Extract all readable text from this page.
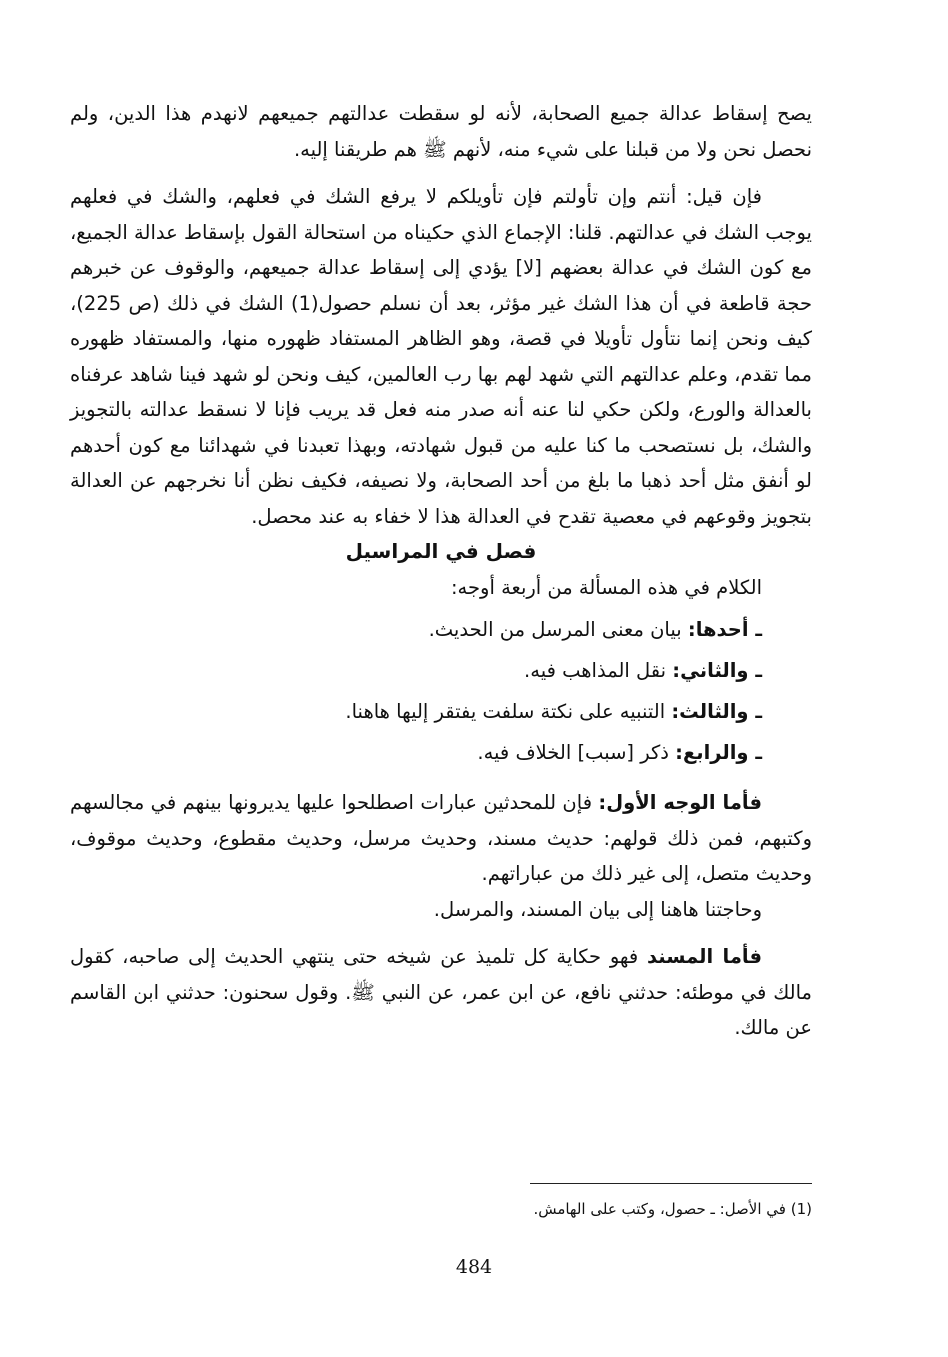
يصح إسقاط عدالة جميع الصحابة، لأنه لو سقطت عدالتهم جميعهم لانهدم هذا الدين، ولم نحصل نحن ولا من قبلنا على شيء منه، لأنهم ﷺ هم طريقنا إليه.

فإن قيل: أنتم وإن تأولتم فإن تأويلكم لا يرفع الشك في فعلهم، والشك في فعلهم يوجب الشك في عدالتهم. قلنا: الإجماع الذي حكيناه من استحالة القول بإسقاط عدالة الجميع، مع كون الشك في عدالة بعضهم [لا] يؤدي إلى إسقاط عدالة جميعهم، والوقوف عن خبرهم حجة قاطعة في أن هذا الشك غير مؤثر، بعد أن نسلم حصول(1) الشك في ذلك (ص 225)، كيف ونحن إنما نتأول تأويلا في قصة، وهو الظاهر المستفاد ظهوره منها، والمستفاد ظهوره مما تقدم، وعلم عدالتهم التي شهد لهم بها رب العالمين، كيف ونحن لو شهد فينا شاهد عرفناه بالعدالة والورع، ولكن حكي لنا عنه أنه صدر منه فعل قد يريب فإنا لا نسقط عدالته بالتجويز والشك، بل نستصحب ما كنا عليه من قبول شهادته، وبهذا تعبدنا في شهدائنا مع كون أحدهم لو أنفق مثل أحد ذهبا ما بلغ من أحد الصحابة، ولا نصيفه، فكيف نظن أنا نخرجهم عن العدالة بتجويز وقوعهم في معصية تقدح في العدالة هذا لا خفاء به عند محصل.

فصل في المراسيل

الكلام في هذه المسألة من أربعة أوجه:

ـ أحدها: بيان معنى المرسل من الحديث.

ـ والثاني: نقل المذاهب فيه.

ـ والثالث: التنبيه على نكتة سلفت يفتقر إليها هاهنا.

ـ والرابع: ذكر [سبب] الخلاف فيه.

فأما الوجه الأول: فإن للمحدثين عبارات اصطلحوا عليها يديرونها بينهم في مجالسهم وكتبهم، فمن ذلك قولهم: حديث مسند، وحديث مرسل، وحديث مقطوع، وحديث موقوف، وحديث متصل، إلى غير ذلك من عباراتهم.

وحاجتنا هاهنا إلى بيان المسند، والمرسل.

فأما المسند فهو حكاية كل تلميذ عن شيخه حتى ينتهي الحديث إلى صاحبه، كقول مالك في موطئه: حدثني نافع، عن ابن عمر، عن النبي ﷺ. وقول سحنون: حدثني ابن القاسم عن مالك.

(1) في الأصل: ـ حصول، وكتب على الهامش.

484
